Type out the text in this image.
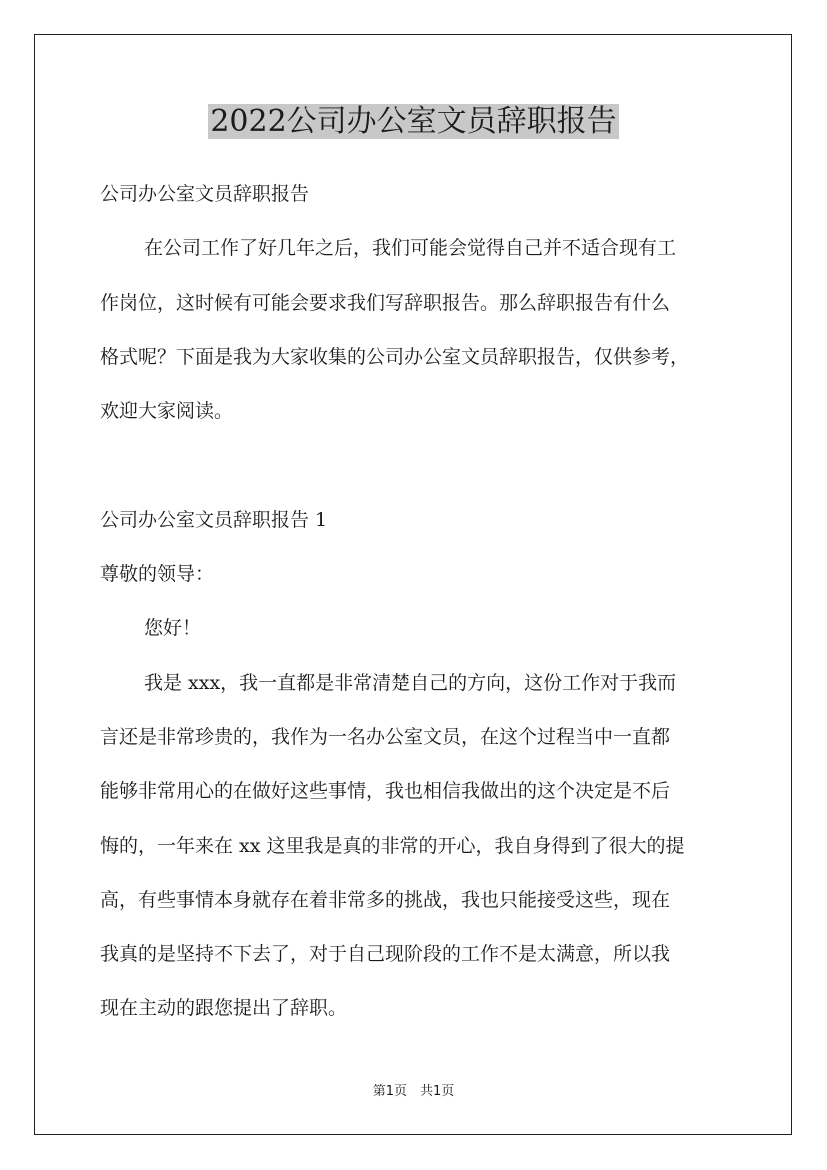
2022公司办公室文员辞职报告

公司办公室文员辞职报告

在公司工作了好几年之后，我们可能会觉得自己并不适合现有工

作岗位，这时候有可能会要求我们写辞职报告。那么辞职报告有什么

格式呢？下面是我为大家收集的公司办公室文员辞职报告，仅供参考，

欢迎大家阅读。

公司办公室文员辞职报告 1

尊敬的领导：

您好！

我是 xxx，我一直都是非常清楚自己的方向，这份工作对于我而

言还是非常珍贵的，我作为一名办公室文员，在这个过程当中一直都

能够非常用心的在做好这些事情，我也相信我做出的这个决定是不后

悔的，一年来在 xx 这里我是真的非常的开心，我自身得到了很大的提

高，有些事情本身就存在着非常多的挑战，我也只能接受这些，现在

我真的是坚持不下去了，对于自己现阶段的工作不是太满意，所以我

现在主动的跟您提出了辞职。

第1页　共1页
